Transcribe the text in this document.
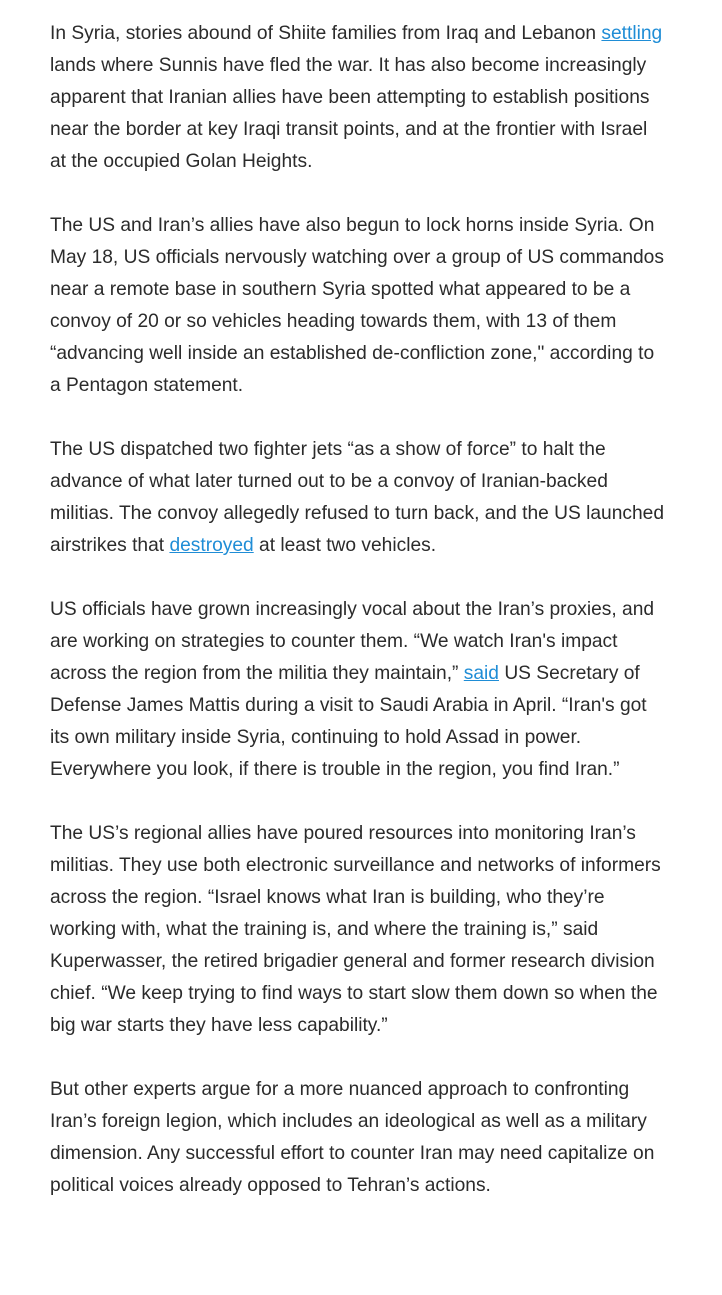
In Syria, stories abound of Shiite families from Iraq and Lebanon settling lands where Sunnis have fled the war. It has also become increasingly apparent that Iranian allies have been attempting to establish positions near the border at key Iraqi transit points, and at the frontier with Israel at the occupied Golan Heights.

The US and Iran’s allies have also begun to lock horns inside Syria. On May 18, US officials nervously watching over a group of US commandos near a remote base in southern Syria spotted what appeared to be a convoy of 20 or so vehicles heading towards them, with 13 of them “advancing well inside an established de-confliction zone," according to a Pentagon statement.

The US dispatched two fighter jets “as a show of force” to halt the advance of what later turned out to be a convoy of Iranian-backed militias. The convoy allegedly refused to turn back, and the US launched airstrikes that destroyed at least two vehicles.

US officials have grown increasingly vocal about the Iran’s proxies, and are working on strategies to counter them. “We watch Iran's impact across the region from the militia they maintain,” said US Secretary of Defense James Mattis during a visit to Saudi Arabia in April. “Iran's got its own military inside Syria, continuing to hold Assad in power. Everywhere you look, if there is trouble in the region, you find Iran.”

The US’s regional allies have poured resources into monitoring Iran’s militias. They use both electronic surveillance and networks of informers across the region. “Israel knows what Iran is building, who they’re working with, what the training is, and where the training is,” said Kuperwasser, the retired brigadier general and former research division chief. “We keep trying to find ways to start slow them down so when the big war starts they have less capability.”

But other experts argue for a more nuanced approach to confronting Iran’s foreign legion, which includes an ideological as well as a military dimension. Any successful effort to counter Iran may need capitalize on political voices already opposed to Tehran’s actions.
